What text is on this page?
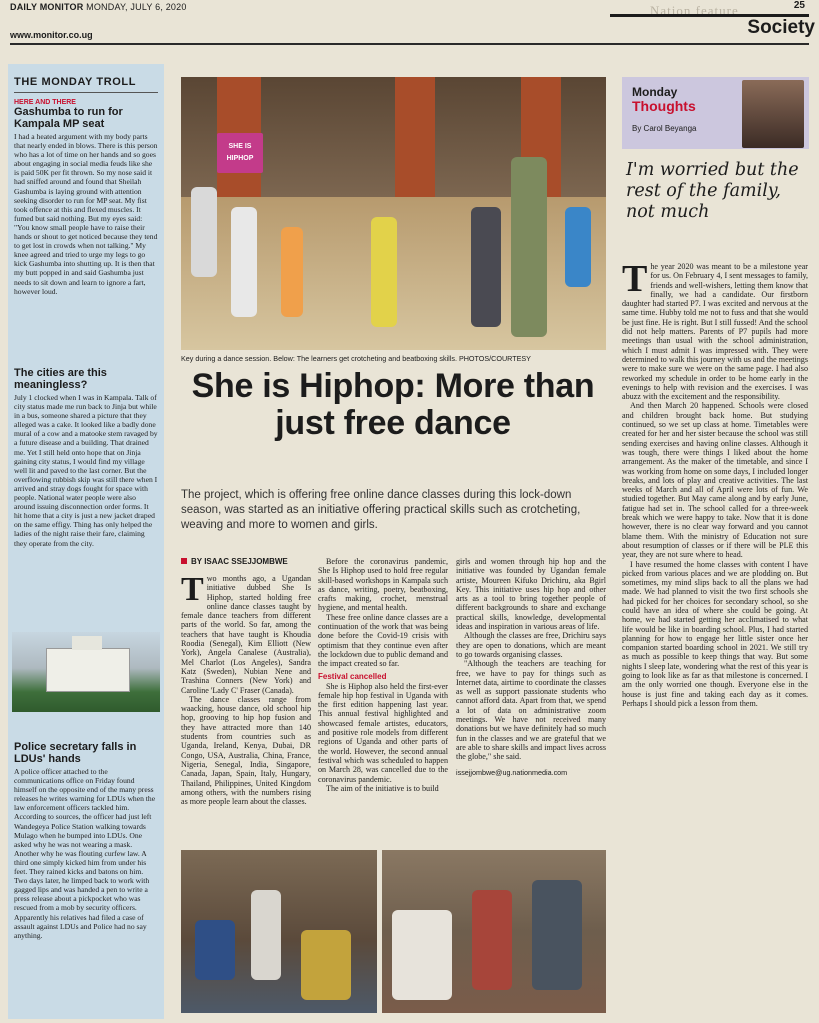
DAILY MONITOR MONDAY, JULY 6, 2020
www.monitor.co.ug
25
Nation feature
Society
THE MONDAY TROLL
HERE AND THERE
Gashumba to run for Kampala MP seat

I had a heated argument with my body parts that nearly ended in blows. There is this person who has a lot of time on her hands and so goes about engaging in social media feuds like she is paid 50K per fit thrown. So my nose said it had sniffed around and found that Sheilah Gashumba is laying ground with attention seeking disorder to run for MP seat. My fist took offence at this and flexed muscles. It fumed but said nothing. But my eyes said: "You know small people have to raise their hands or shout to get noticed because they tend to get lost in crowds when not talking." My knee agreed and tried to urge my legs to go kick Gashumba into shutting up. It is then that my butt popped in and said Gashumba just needs to sit down and learn to ignore a fart, however loud.

The cities are this meaningless?

July 1 clocked when I was in Kampala. Talk of city status made me run back to Jinja but while in a bus, someone shared a picture that they alleged was a cake. It looked like a badly done mural of a cow and a matooke stem ravaged by a future disease and a building. That drained me. Yet I still held onto hope that on Jinja gaining city status, I would find my village well lit and paved to the last corner. But the overflowing rubbish skip was still there when I arrived and stray dogs fought for space with people. National water people were also around issuing disconnection order forms. It hit home that a city is just a new jacket draped on the same effigy. Thing has only helped the ladies of the night raise their fare, claiming they operate from the city.

Police secretary falls in LDUs' hands

A police officer attached to the communications office on Friday found himself on the opposite end of the many press releases he writes warning for LDUs when the law enforcement officers tackled him. According to sources, the officer had just left Wandegeya Police Station walking towards Mulago when he bumped into LDUs. One asked why he was not wearing a mask. Another why he was flouting curfew law. A third one simply kicked him from under his feet. They rained kicks and batons on him. Two days later, he limped back to work with gagged lips and was handed a pen to write a press release about a pickpocket who was rescued from a mob by security officers. Apparently his relatives had filed a case of assault against LDUs and Police had no say anything.

SHE IS HIPHOP
Key during a dance session. Below: The learners get crotcheting and beatboxing skills. PHOTOS/COURTESY
She is Hiphop: More than just free dance
The project, which is offering free online dance classes during this lock-down season, was started as an initiative offering practical skills such as crotcheting, weaving and more to women and girls.
BY ISAAC SSEJJOMBWE

Two months ago, a Ugandan initiative dubbed She Is Hiphop, started holding free online dance classes taught by female dance teachers from different parts of the world. So far, among the teachers that have taught is Khoudia Roodia (Senegal), Kim Elliott (New York), Angela Canalese (Australia), Mel Charlot (Los Angeles), Sandra Katz (Sweden), Nubian Nene and Trashina Conners (New York) and Caroline 'Lady C' Fraser (Canada).

The dance classes range from waacking, house dance, old school hip hop, grooving to hip hop fusion and they have attracted more than 140 students from countries such as Uganda, Ireland, Kenya, Dubai, DR Congo, USA, Australia, China, France, Nigeria, Senegal, India, Singapore, Canada, Japan, Spain, Italy, Hungary, Thailand, Philippines, United Kingdom among others, with the numbers rising as more people learn about the classes.

Before the coronavirus pandemic, She Is Hiphop used to hold free regular skill-based workshops in Kampala such as dance, writing, poetry, beatboxing, crafts making, crochet, menstrual hygiene, and mental health.

These free online dance classes are a continuation of the work that was being done before the Covid-19 crisis with optimism that they continue even after the lockdown due to public demand and the impact created so far.

Festival cancelled

She is Hiphop also held the first-ever female hip hop festival in Uganda with the first edition happening last year. This annual festival highlighted and showcased female artistes, educators, and positive role models from different regions of Uganda and other parts of the world. However, the second annual festival which was scheduled to happen on March 28, was cancelled due to the coronavirus pandemic.

The aim of the initiative is to build

girls and women through hip hop and the initiative was founded by Ugandan female artiste, Moureen Kifuko Drichiru, aka Bgirl Key. This initiative uses hip hop and other arts as a tool to bring together people of different backgrounds to share and exchange practical skills, knowledge, developmental ideas and inspiration in various areas of life.

Although the classes are free, Drichiru says they are open to donations, which are meant to go towards organising classes.

"Although the teachers are teaching for free, we have to pay for things such as Internet data, airtime to coordinate the classes as well as support passionate students who cannot afford data. Apart from that, we spend a lot of data on administrative zoom meetings. We have not received many donations but we have definitely had so much fun in the classes and we are grateful that we are able to share skills and impact lives across the globe," she said.

issejjombwe@ug.nationmedia.com
Monday
Thoughts
By Carol Beyanga
I'm worried but the rest of the family, not much

The year 2020 was meant to be a milestone year for us. On February 4, I sent messages to family, friends and well-wishers, letting them know that finally, we had a candidate. Our firstborn daughter had started P7. I was excited and nervous at the same time. Hubby told me not to fuss and that she would be just fine. He is right. But I still fussed! And the school did not help matters. Parents of P7 pupils had more meetings than usual with the school administration, which I must admit I was impressed with. They were determined to walk this journey with us and the meetings were to make sure we were on the same page. I had also reworked my schedule in order to be home early in the evenings to help with revision and the exercises. I was abuzz with the excitement and the responsibility.

And then March 20 happened. Schools were closed and children brought back home. But studying continued, so we set up class at home. Timetables were created for her and her sister because the school was still sending exercises and having online classes. Although it was tough, there were things I liked about the home arrangement. As the maker of the timetable, and since I was working from home on some days, I included longer breaks, and lots of play and creative activities. The last weeks of March and all of April were lots of fun. We studied together. But May came along and by early June, fatigue had set in. The school called for a three-week break which we were happy to take. Now that it is done however, there is no clear way forward and you cannot blame them. With the ministry of Education not sure about resumption of classes or if there will be PLE this year, they are not sure where to head.

I have resumed the home classes with content I have picked from various places and we are plodding on. But sometimes, my mind slips back to all the plans we had made. We had planned to visit the two first schools she had picked for her choices for secondary school, so she could have an idea of where she could be going. At home, we had started getting her acclimatised to what life would be like in boarding school. Plus, I had started planning for how to engage her little sister once her companion started boarding school in 2021. We still try as much as possible to keep things that way. But some nights I sleep late, wondering what the rest of this year is going to look like as far as that milestone is concerned. I am the only worried one though. Everyone else in the house is just fine and taking each day as it comes. Perhaps I should pick a lesson from them.
